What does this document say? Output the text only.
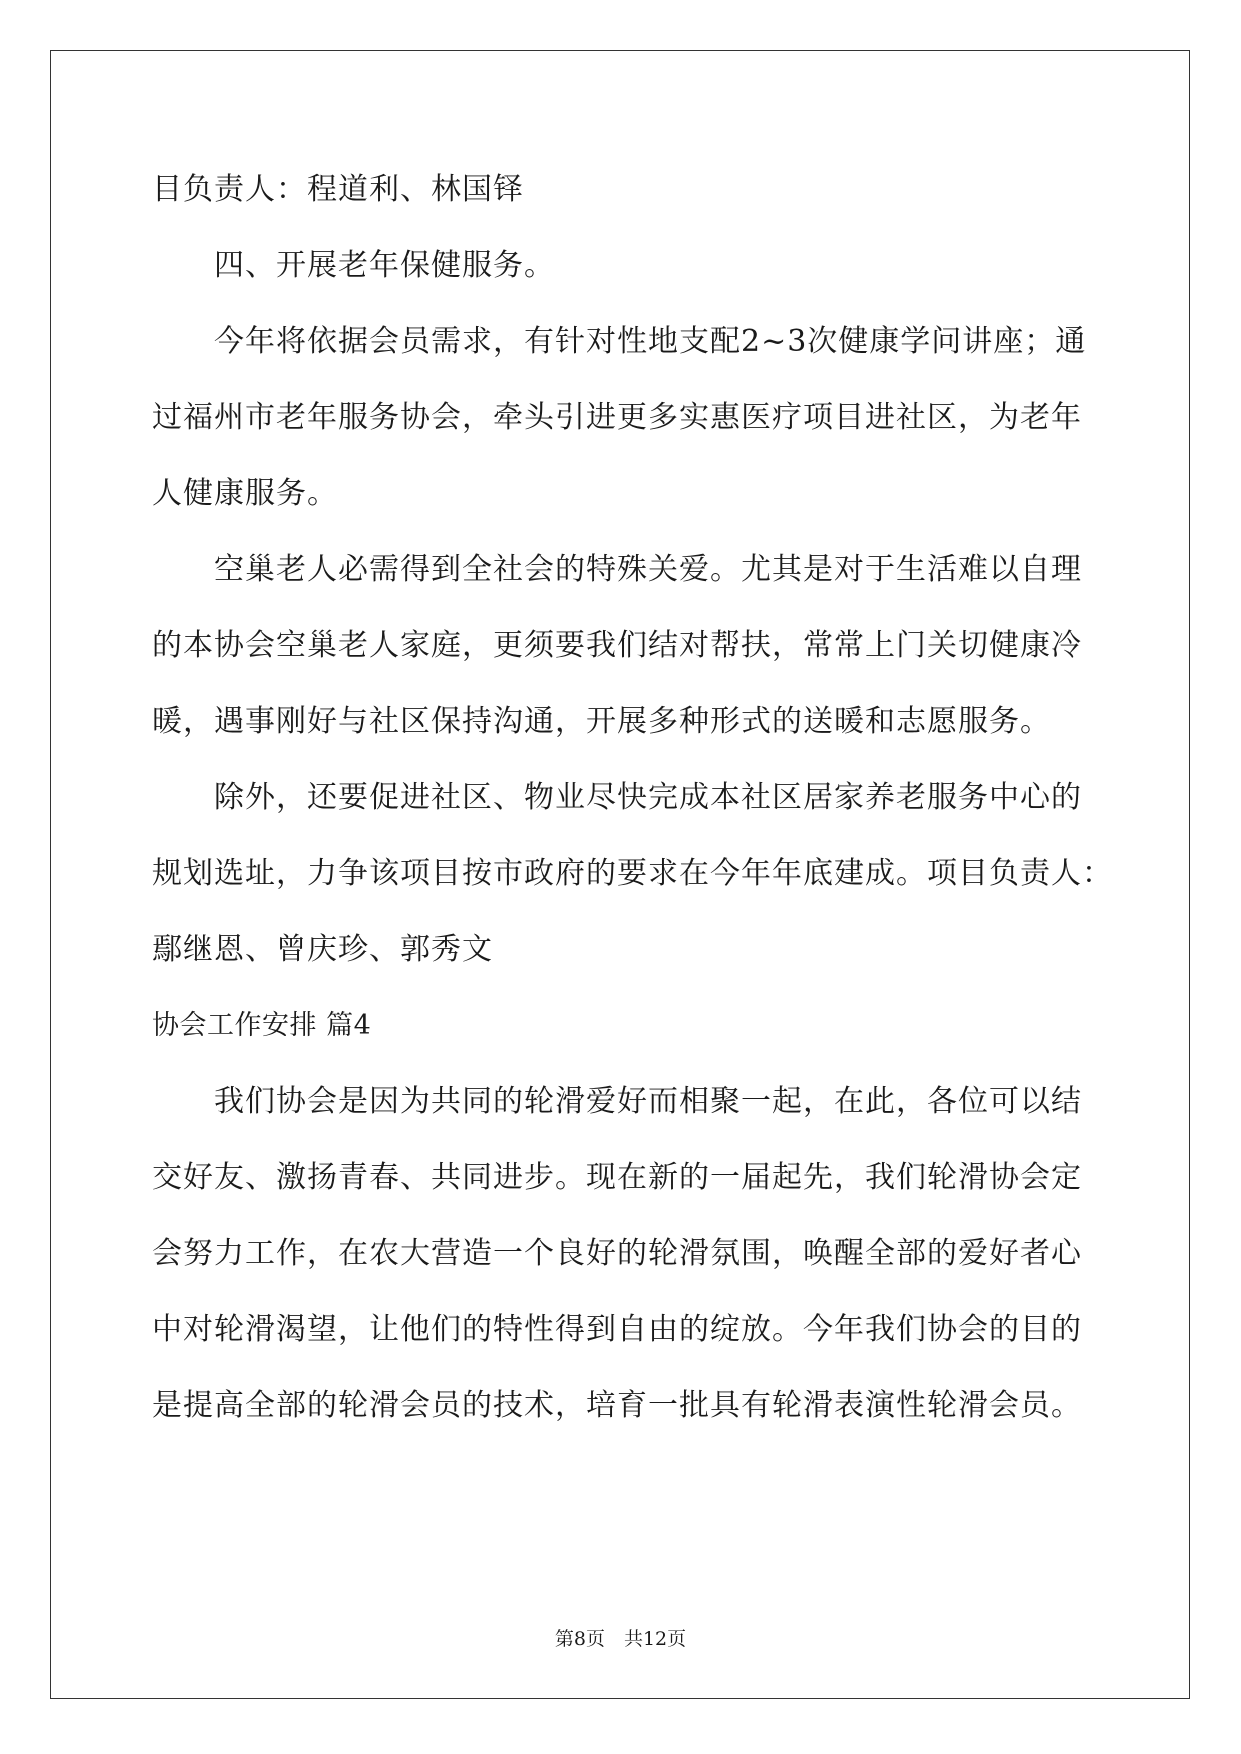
目负责人：程道利、林国铎
四、开展老年保健服务。
今年将依据会员需求，有针对性地支配2~3次健康学问讲座；通
过福州市老年服务协会，牵头引进更多实惠医疗项目进社区，为老年
人健康服务。
空巢老人必需得到全社会的特殊关爱。尤其是对于生活难以自理
的本协会空巢老人家庭，更须要我们结对帮扶，常常上门关切健康冷
暖，遇事刚好与社区保持沟通，开展多种形式的送暖和志愿服务。
除外，还要促进社区、物业尽快完成本社区居家养老服务中心的
规划选址，力争该项目按市政府的要求在今年年底建成。项目负责人：
鄢继恩、曾庆珍、郭秀文
协会工作安排 篇4
我们协会是因为共同的轮滑爱好而相聚一起，在此，各位可以结
交好友、激扬青春、共同进步。现在新的一届起先，我们轮滑协会定
会努力工作，在农大营造一个良好的轮滑氛围，唤醒全部的爱好者心
中对轮滑渴望，让他们的特性得到自由的绽放。今年我们协会的目的
是提高全部的轮滑会员的技术，培育一批具有轮滑表演性轮滑会员。
第8页　共12页
